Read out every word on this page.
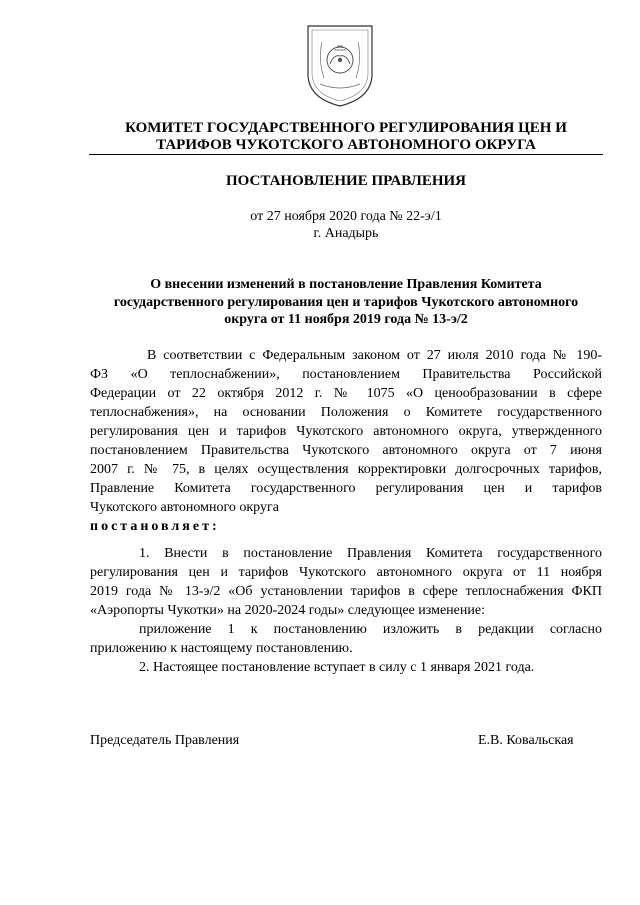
КОМИТЕТ ГОСУДАРСТВЕННОГО РЕГУЛИРОВАНИЯ ЦЕН И
ТАРИФОВ ЧУКОТСКОГО АВТОНОМНОГО ОКРУГА
ПОСТАНОВЛЕНИЕ ПРАВЛЕНИЯ
от 27 ноября 2020 года № 22-э/1
г. Анадырь
О внесении изменений в постановление Правления Комитета
государственного регулирования цен и тарифов Чукотского автономного
округа от 11 ноября 2019 года № 13-э/2
В соответствии с Федеральным законом от 27 июля 2010 года № 190-
ФЗ «О теплоснабжении», постановлением Правительства Российской
Федерации от 22 октября 2012 г. № 1075 «О ценообразовании в сфере
теплоснабжения», на основании Положения о Комитете государственного
регулирования цен и тарифов Чукотского автономного округа, утвержденного
постановлением Правительства Чукотского автономного округа от 7 июня
2007 г. № 75, в целях осуществления корректировки долгосрочных тарифов,
Правление Комитета государственного регулирования цен и тарифов
Чукотского автономного округа
постановляет:
1. Внести в постановление Правления Комитета государственного
регулирования цен и тарифов Чукотского автономного округа от 11 ноября
2019 года № 13-э/2 «Об установлении тарифов в сфере теплоснабжения ФКП
«Аэропорты Чукотки» на 2020-2024 годы» следующее изменение:
приложение 1 к постановлению изложить в редакции согласно
приложению к настоящему постановлению.
2. Настоящее постановление вступает в силу с 1 января 2021 года.
Председатель Правления	Е.В. Ковальская
